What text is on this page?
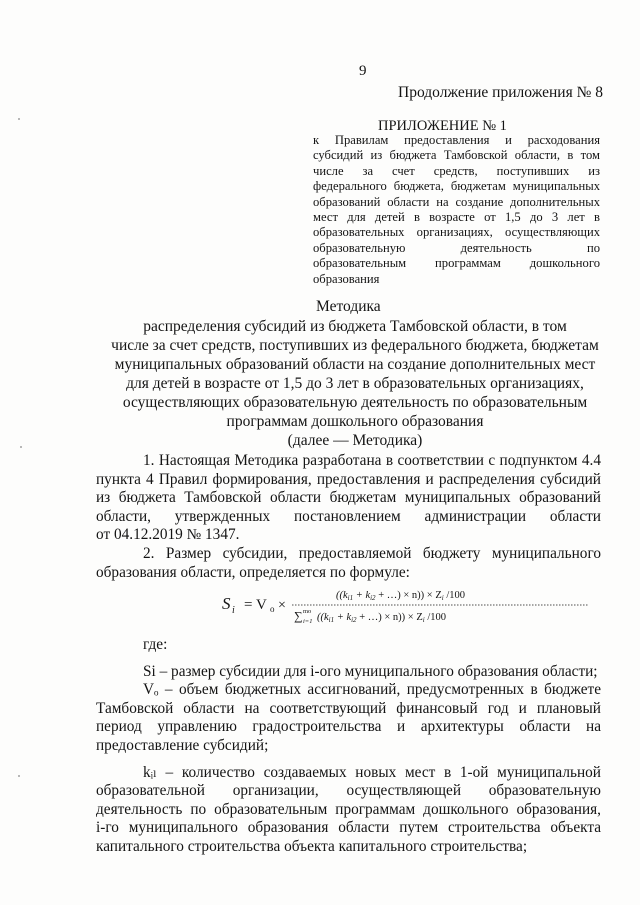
9
Продолжение приложения № 8
ПРИЛОЖЕНИЕ № 1
к Правилам предоставления и расходования
субсидий из бюджета Тамбовской области, в том
числе за счет средств, поступивших из
федерального бюджета, бюджетам муниципальных
образований области на создание дополнительных
мест для детей в возрасте от 1,5 до 3 лет в
образовательных организациях, осуществляющих
образовательную деятельность по
образовательным программам дошкольного
образования
Методика
распределения субсидий из бюджета Тамбовской области, в том
числе за счет средств, поступивших из федерального бюджета, бюджетам
муниципальных образований области на создание дополнительных мест
для детей в возрасте от 1,5 до 3 лет в образовательных организациях,
осуществляющих образовательную деятельность по образовательным
программам дошкольного образования
(далее — Методика)
1. Настоящая Методика разработана в соответствии с подпунктом 4.4
пункта 4 Правил формирования, предоставления и распределения субсидий
из бюджета Тамбовской области бюджетам муниципальных образований
области, утвержденных постановлением администрации области
от 04.12.2019 № 1347.
2. Размер субсидии, предоставляемой бюджету муниципального
образования области, определяется по формуле:
S i = V o ×
((ki1 + ki2 + …) × n)) × Zi /100
∑ mo
i=1 ((ki1 + ki2 + …) × n)) × Zi /100
где:
Si – размер субсидии для i-ого муниципального образования области;
Vₒ – объем бюджетных ассигнований, предусмотренных в бюджете
Тамбовской области на соответствующий финансовый год и плановый
период управлению градостроительства и архитектуры области на
предоставление субсидий;
kᵢₗ – количество создаваемых новых мест в 1-ой муниципальной
образовательной организации, осуществляющей образовательную
деятельность по образовательным программам дошкольного образования,
i-го муниципального образования области путем строительства объекта
капитального строительства объекта капитального строительства;
